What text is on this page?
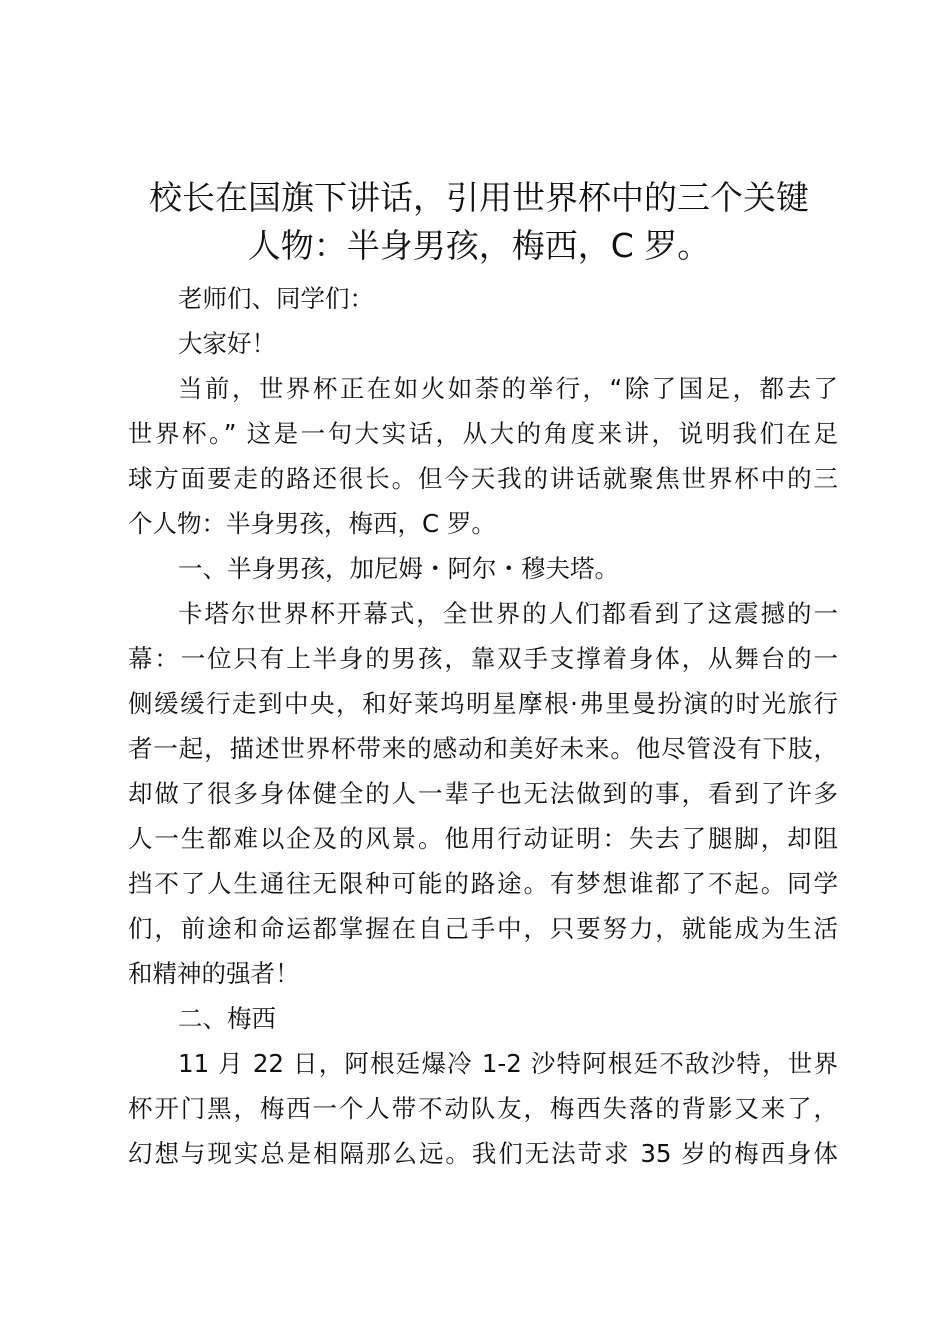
校长在国旗下讲话，引用世界杯中的三个关键
人物：半身男孩，梅西，C 罗。
老师们、同学们：
大家好！
当前，世界杯正在如火如荼的举行，“除了国足，都去了
世界杯。” 这是一句大实话，从大的角度来讲，说明我们在足
球方面要走的路还很长。但今天我的讲话就聚焦世界杯中的三
个人物：半身男孩，梅西，C 罗。
一、半身男孩，加尼姆・阿尔・穆夫塔。
卡塔尔世界杯开幕式，全世界的人们都看到了这震撼的一
幕：一位只有上半身的男孩，靠双手支撑着身体，从舞台的一
侧缓缓行走到中央，和好莱坞明星摩根·弗里曼扮演的时光旅行
者一起，描述世界杯带来的感动和美好未来。他尽管没有下肢，
却做了很多身体健全的人一辈子也无法做到的事，看到了许多
人一生都难以企及的风景。他用行动证明：失去了腿脚，却阻
挡不了人生通往无限种可能的路途。有梦想谁都了不起。同学
们，前途和命运都掌握在自己手中，只要努力，就能成为生活
和精神的强者！
二、梅西
11 月 22 日，阿根廷爆冷 1-2 沙特阿根廷不敌沙特，世界
杯开门黑，梅西一个人带不动队友，梅西失落的背影又来了，
幻想与现实总是相隔那么远。我们无法苛求 35 岁的梅西身体
